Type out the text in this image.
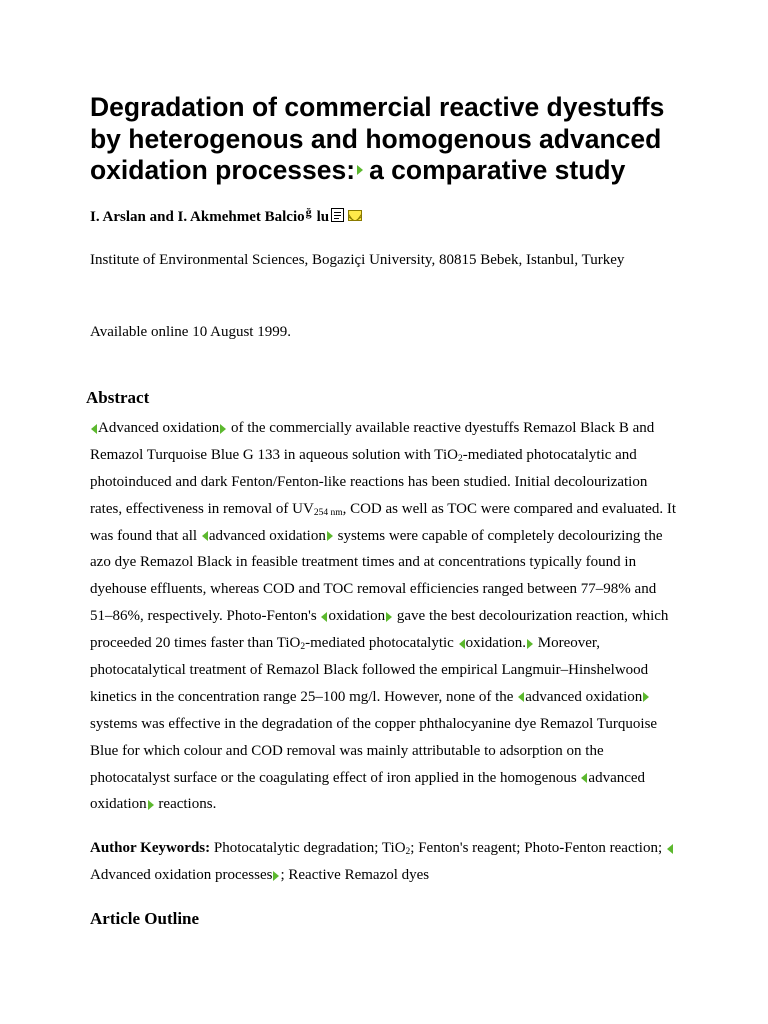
Degradation of commercial reactive dyestuffs
by heterogenous and homogenous advanced
oxidation processes: a comparative study
I. Arslan and I. Akmehmet Balcioğ lu
Institute of Environmental Sciences, Bogaziçi University, 80815 Bebek, Istanbul, Turkey
Available online 10 August 1999.
Abstract
Advanced oxidation of the commercially available reactive dyestuffs Remazol Black B and
Remazol Turquoise Blue G 133 in aqueous solution with TiO$_2$-mediated photocatalytic and
photoinduced and dark Fenton/Fenton-like reactions has been studied. Initial decolourization
rates, effectiveness in removal of $UV_{254 nm}$, COD as well as TOC were compared and evaluated. It
was found that all advanced oxidation systems were capable of completely decolourizing the
azo dye Remazol Black in feasible treatment times and at concentrations typically found in
dyehouse effluents, whereas COD and TOC removal efficiencies ranged between 77–98% and
51–86%, respectively. Photo-Fenton's oxidation gave the best decolourization reaction, which
proceeded 20 times faster than TiO$_2$-mediated photocatalytic oxidation. Moreover,
photocatalytical treatment of Remazol Black followed the empirical Langmuir–Hinshelwood
kinetics in the concentration range 25–100 mg/l. However, none of the advanced oxidation
systems was effective in the degradation of the copper phthalocyanine dye Remazol Turquoise
Blue for which colour and COD removal was mainly attributable to adsorption on the
photocatalyst surface or the coagulating effect of iron applied in the homogenous advanced
oxidation reactions.
Author Keywords: Photocatalytic degradation; TiO$_2$; Fenton's reagent; Photo-Fenton reaction;
Advanced oxidation processes ; Reactive Remazol dyes
Article Outline
